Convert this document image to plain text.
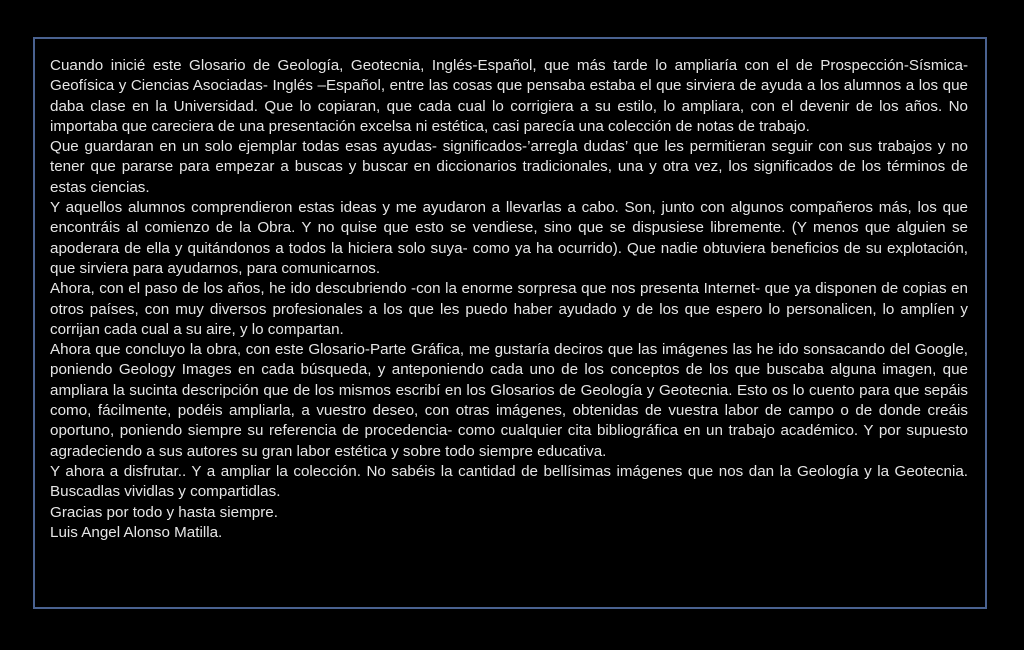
Cuando inicié este Glosario de Geología, Geotecnia, Inglés-Español, que más tarde lo ampliaría con el de Prospección-Sísmica- Geofísica y Ciencias Asociadas- Inglés –Español, entre las cosas que pensaba estaba el que sirviera de ayuda a los alumnos a los que daba clase en la Universidad. Que lo copiaran, que cada cual lo corrigiera a su estilo, lo ampliara, con el devenir de los años. No importaba que careciera de una presentación excelsa ni estética, casi parecía una colección de notas de trabajo.

Que guardaran en un solo ejemplar todas esas ayudas- significados-’arregla dudas’ que les permitieran seguir con sus trabajos y no tener que pararse para empezar a buscas y buscar en diccionarios tradicionales, una y otra vez, los significados de los términos de estas ciencias.

Y aquellos alumnos comprendieron estas ideas y me ayudaron a llevarlas a cabo. Son, junto con algunos compañeros más, los que encontráis al comienzo de la Obra. Y no quise que esto se vendiese, sino que se dispusiese libremente. (Y menos que alguien se apoderara de ella y quitándonos a todos la hiciera solo suya- como ya ha ocurrido). Que nadie obtuviera beneficios de su explotación, que sirviera para ayudarnos, para comunicarnos.

Ahora, con el paso de los años, he ido descubriendo -con la enorme sorpresa que nos presenta Internet- que ya disponen de copias en otros países, con muy diversos profesionales a los que les puedo haber ayudado y de los que espero lo personalicen, lo amplíen y corrijan cada cual a su aire, y lo compartan.

Ahora que concluyo la obra, con este Glosario-Parte Gráfica, me gustaría deciros que las imágenes las he ido sonsacando del Google, poniendo Geology Images en cada búsqueda, y anteponiendo cada uno de los conceptos de los que buscaba alguna imagen, que ampliara la sucinta descripción que de los mismos escribí en los Glosarios de Geología y Geotecnia. Esto os lo cuento para que sepáis como, fácilmente, podéis ampliarla, a vuestro deseo, con otras imágenes, obtenidas de vuestra labor de campo o de donde creáis oportuno, poniendo siempre su referencia de procedencia- como cualquier cita bibliográfica en un trabajo académico. Y por supuesto agradeciendo a sus autores su gran labor estética y sobre todo siempre educativa.

Y ahora a disfrutar.. Y a ampliar la colección. No sabéis la cantidad de bellísimas imágenes que nos dan la Geología y la Geotecnia. Buscadlas vividlas y compartidlas.

Gracias por todo y hasta siempre.

Luis Angel Alonso Matilla.
